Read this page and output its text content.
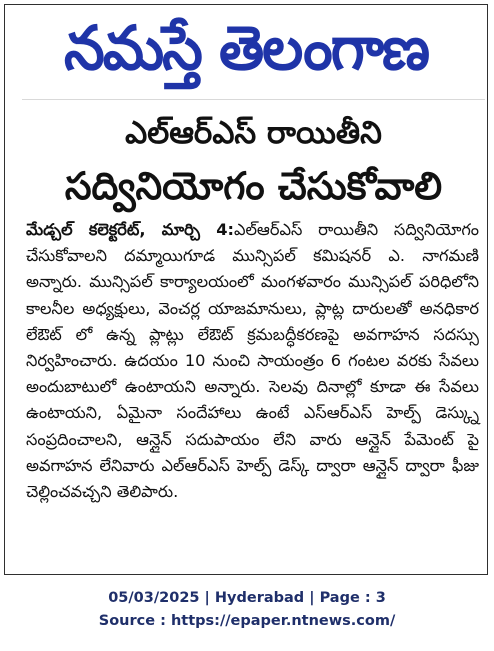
నమస్తే తెలంగాణ
ఎల్ఆర్ఎస్ రాయితీని
సద్వినియోగం చేసుకోవాలి
మేడ్చల్ కలెక్టరేట్, మార్చి 4:ఎల్ఆర్ఎస్ రాయితీని సద్వినియోగం చేసుకోవాలని దమ్మాయిగూడ మున్సిపల్ కమిషనర్ ఎ. నాగమణి అన్నారు. మున్సిపల్ కార్యాలయంలో మంగళవారం మున్సిపల్ పరిధిలోని కాలనీల అధ్యక్షులు, వెంచర్ల యాజమానులు, ప్లాట్ల దారులతో అనధికార లేఔట్ లో ఉన్న ప్లాట్లు లేఔట్ క్రమబద్ధీకరణపై అవగాహన సదస్సు నిర్వహించారు. ఉదయం 10 నుంచి సాయంత్రం 6 గంటల వరకు సేవలు అందుబాటులో ఉంటాయని అన్నారు. సెలవు దినాల్లో కూడా ఈ సేవలు ఉంటాయని, ఏమైనా సందేహాలు ఉంటే ఎస్ఆర్ఎస్ హెల్ప్ డెస్క్ను సంప్రదించాలని, ఆన్లైన్ సదుపాయం లేని వారు ఆన్లైన్ పేమెంట్ పై అవగాహన లేనివారు ఎల్ఆర్ఎస్ హెల్ప్ డెస్క్ ద్వారా ఆన్లైన్ ద్వారా ఫీజు చెల్లించవచ్చని తెలిపారు.
05/03/2025 | Hyderabad | Page : 3
Source : https://epaper.ntnews.com/
